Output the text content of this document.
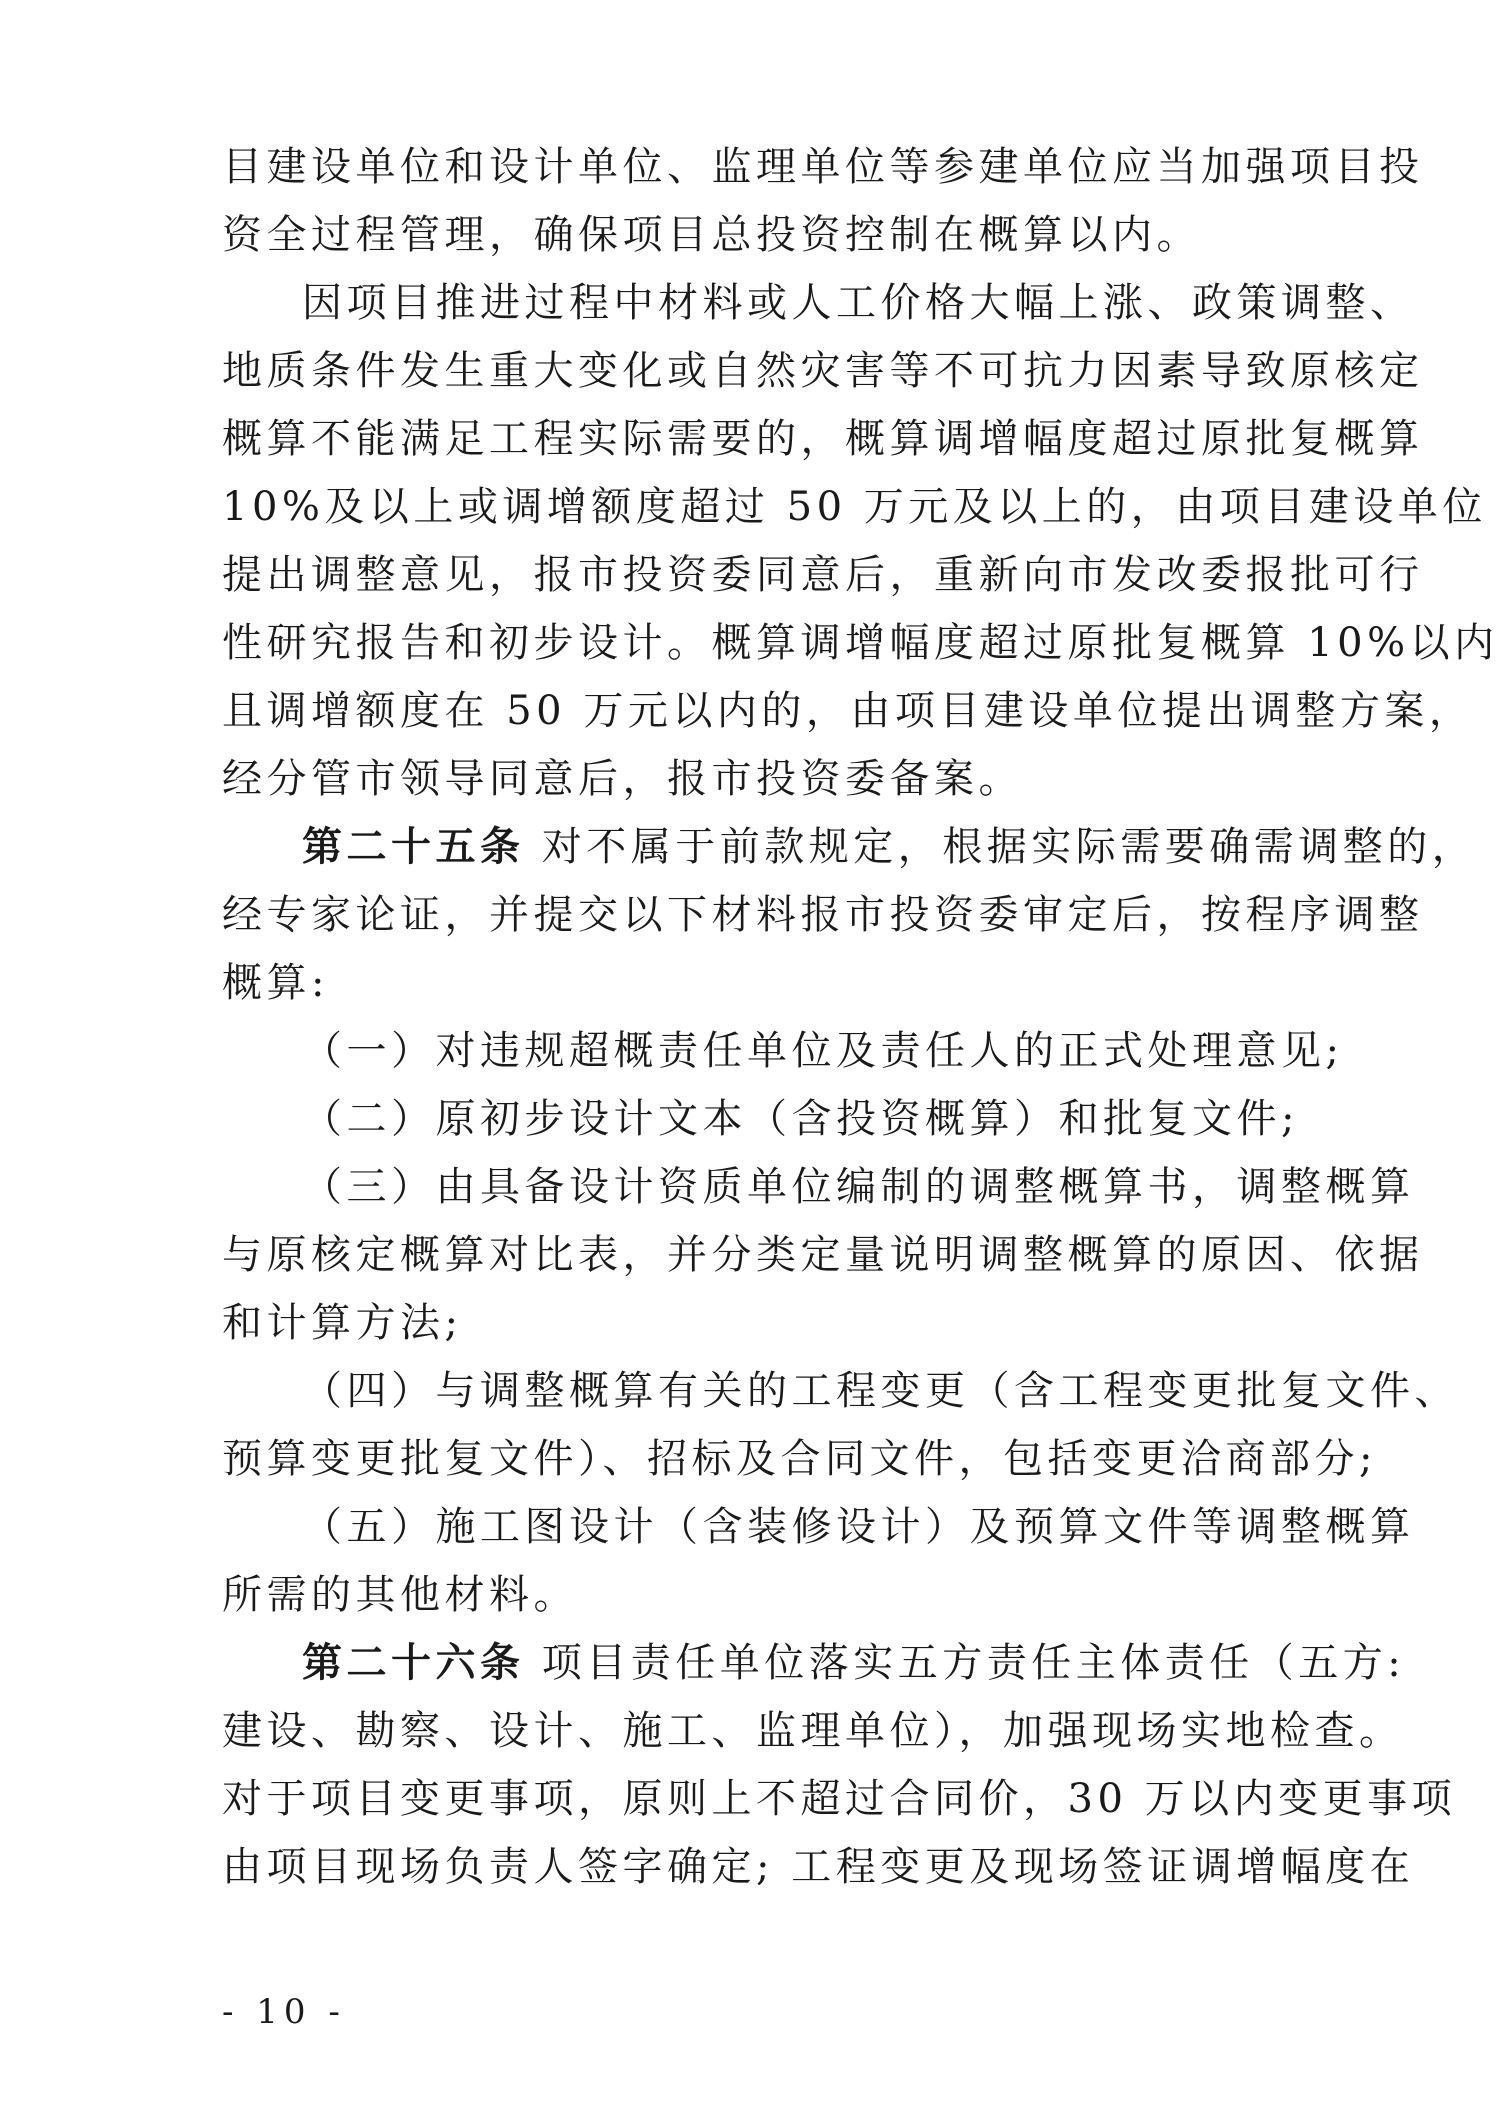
目建设单位和设计单位、监理单位等参建单位应当加强项目投
资全过程管理，确保项目总投资控制在概算以内。
因项目推进过程中材料或人工价格大幅上涨、政策调整、
地质条件发生重大变化或自然灾害等不可抗力因素导致原核定
概算不能满足工程实际需要的，概算调增幅度超过原批复概算
10%及以上或调增额度超过 50 万元及以上的，由项目建设单位
提出调整意见，报市投资委同意后，重新向市发改委报批可行
性研究报告和初步设计。概算调增幅度超过原批复概算 10%以内
且调增额度在 50 万元以内的，由项目建设单位提出调整方案，
经分管市领导同意后，报市投资委备案。
第二十五条 对不属于前款规定，根据实际需要确需调整的，
经专家论证，并提交以下材料报市投资委审定后，按程序调整
概算:
（一）对违规超概责任单位及责任人的正式处理意见;
（二）原初步设计文本（含投资概算）和批复文件;
（三）由具备设计资质单位编制的调整概算书，调整概算
与原核定概算对比表，并分类定量说明调整概算的原因、依据
和计算方法;
（四）与调整概算有关的工程变更（含工程变更批复文件、
预算变更批复文件）、招标及合同文件，包括变更洽商部分;
（五）施工图设计（含装修设计）及预算文件等调整概算
所需的其他材料。
第二十六条 项目责任单位落实五方责任主体责任（五方:
建设、勘察、设计、施工、监理单位），加强现场实地检查。
对于项目变更事项，原则上不超过合同价，30 万以内变更事项
由项目现场负责人签字确定; 工程变更及现场签证调增幅度在
- 10 -
